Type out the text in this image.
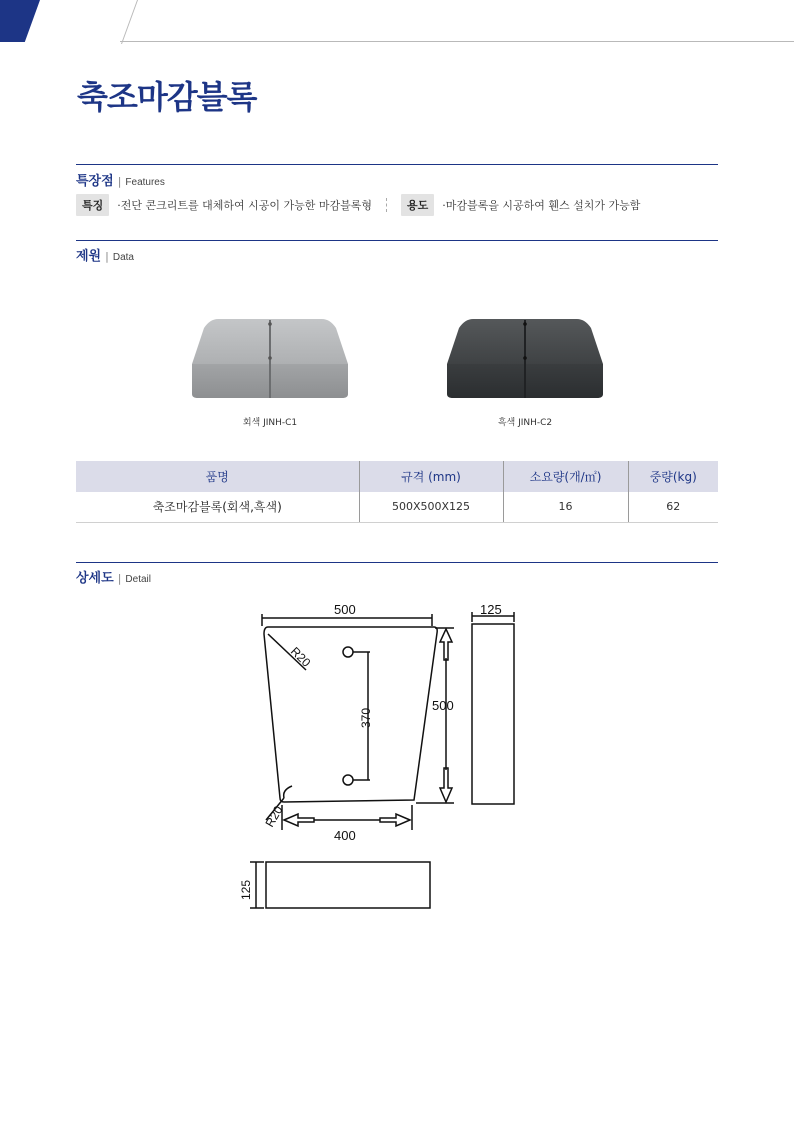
축조마감블록
특장점 | Features
특징	·전단 콘크리트를 대체하여 시공이 가능한 마감블록형	용도	·마감블록을 시공하여 휀스 설치가 가능함
제원 | Data
회색 JINH-C1	흑색 JINH-C2
품명	규격 (mm)	소요량(개/㎡)	중량(kg)
축조마감블록(회색,흑색)	500X500X125	16	62
상세도 | Detail
500
R20
370
500
400
R20
125
125
